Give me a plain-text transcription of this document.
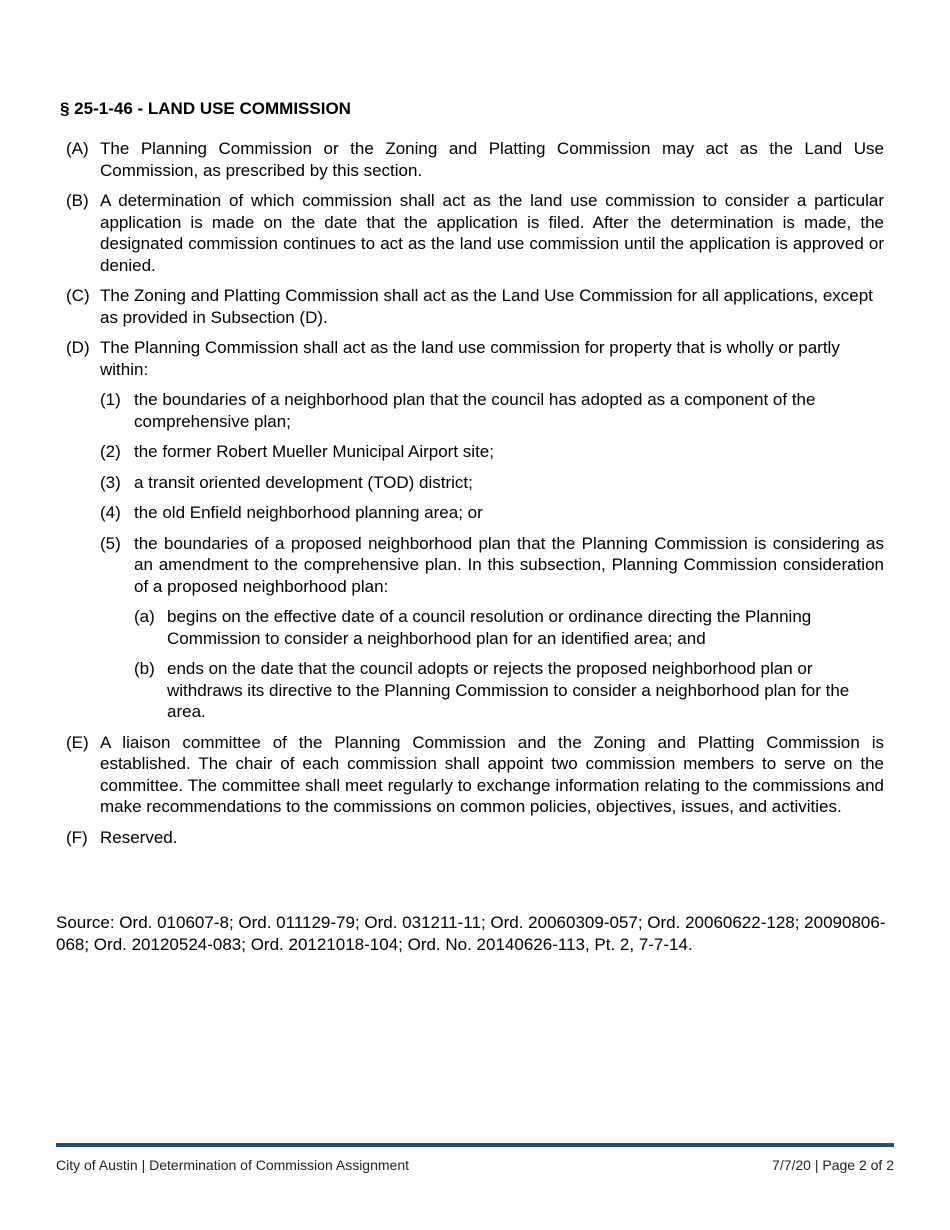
§ 25-1-46 - LAND USE COMMISSION
(A) The Planning Commission or the Zoning and Platting Commission may act as the Land Use Commission, as prescribed by this section.
(B) A determination of which commission shall act as the land use commission to consider a particular application is made on the date that the application is filed. After the determination is made, the designated commission continues to act as the land use commission until the application is approved or denied.
(C) The Zoning and Platting Commission shall act as the Land Use Commission for all applications, except as provided in Subsection (D).
(D) The Planning Commission shall act as the land use commission for property that is wholly or partly within:
(1) the boundaries of a neighborhood plan that the council has adopted as a component of the comprehensive plan;
(2) the former Robert Mueller Municipal Airport site;
(3) a transit oriented development (TOD) district;
(4) the old Enfield neighborhood planning area; or
(5) the boundaries of a proposed neighborhood plan that the Planning Commission is considering as an amendment to the comprehensive plan. In this subsection, Planning Commission consideration of a proposed neighborhood plan:
(a) begins on the effective date of a council resolution or ordinance directing the Planning Commission to consider a neighborhood plan for an identified area; and
(b) ends on the date that the council adopts or rejects the proposed neighborhood plan or withdraws its directive to the Planning Commission to consider a neighborhood plan for the area.
(E) A liaison committee of the Planning Commission and the Zoning and Platting Commission is established. The chair of each commission shall appoint two commission members to serve on the committee. The committee shall meet regularly to exchange information relating to the commissions and make recommendations to the commissions on common policies, objectives, issues, and activities.
(F) Reserved.
Source: Ord. 010607-8; Ord. 011129-79; Ord. 031211-11; Ord. 20060309-057; Ord. 20060622-128; 20090806-068; Ord. 20120524-083; Ord. 20121018-104; Ord. No. 20140626-113, Pt. 2, 7-7-14.
City of Austin | Determination of Commission Assignment	7/7/20 | Page 2 of 2
